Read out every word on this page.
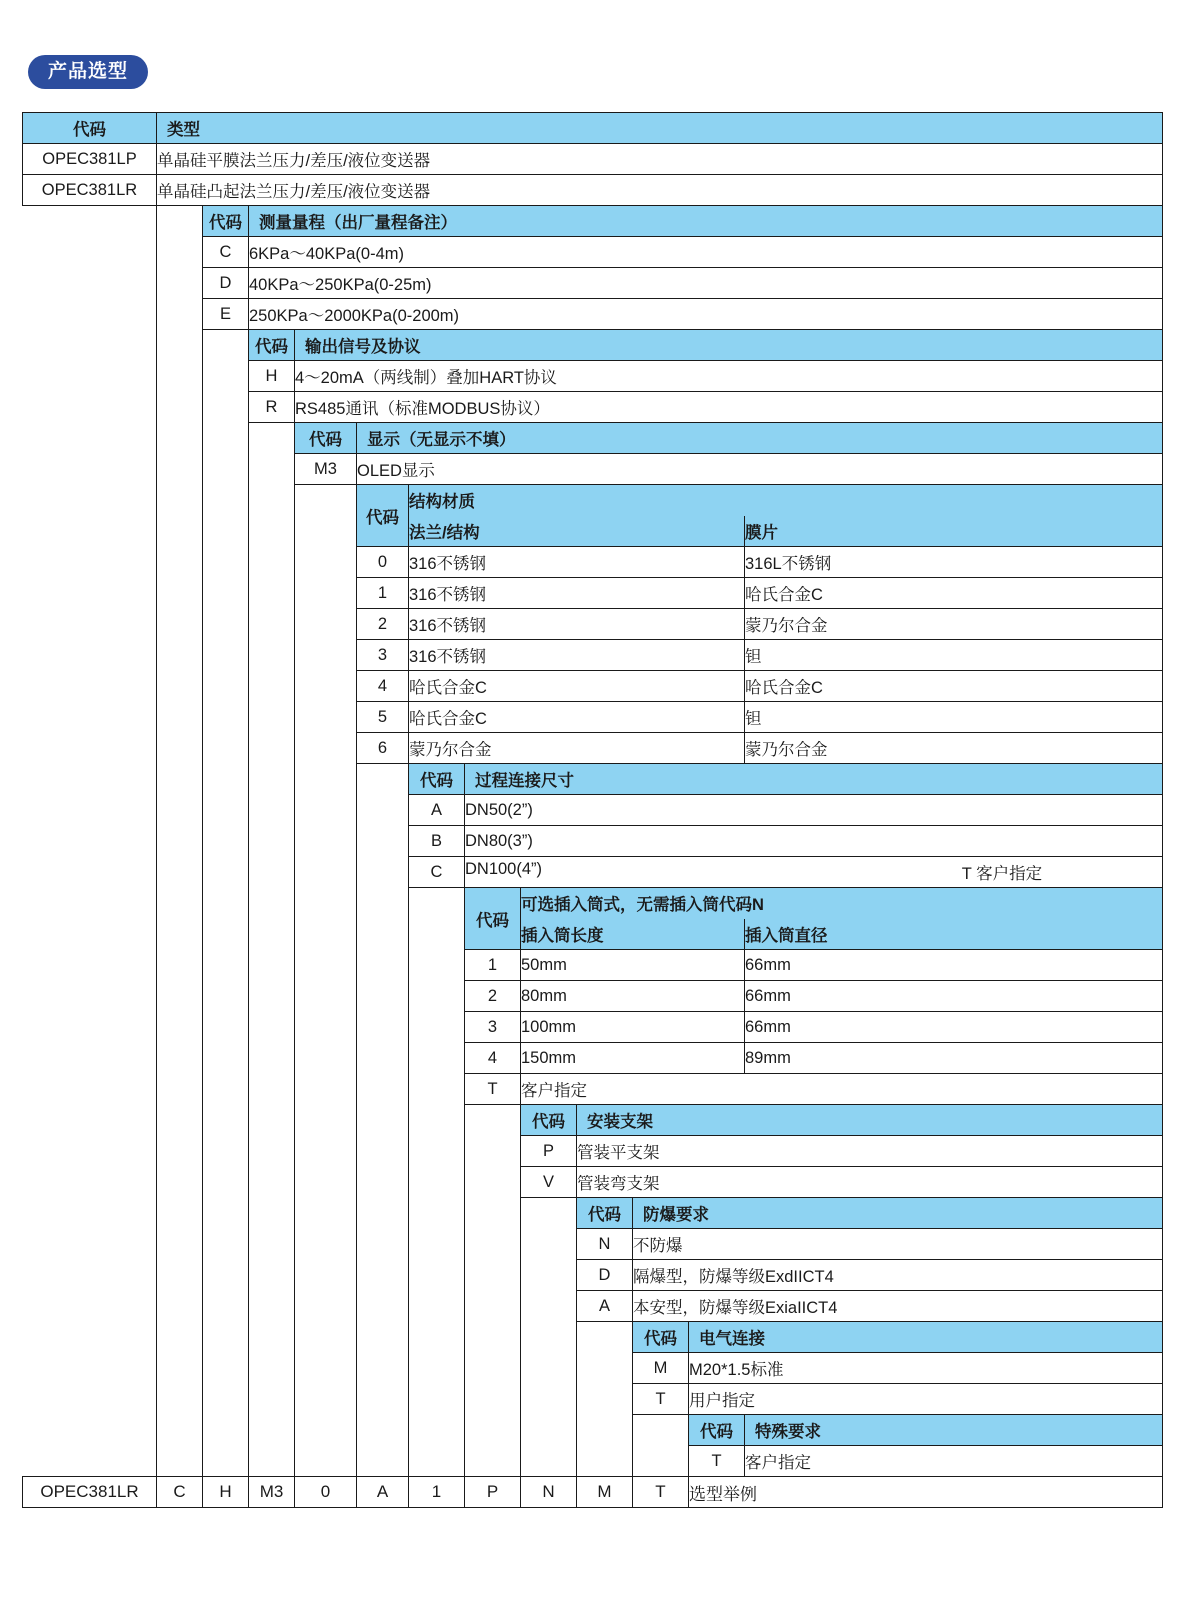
产品选型
代码	类型											
OPEC381LP	单晶硅平膜法兰压力/差压/液位变送器											
OPEC381LR	单晶硅凸起法兰压力/差压/液位变送器											
		代码	测量量程（出厂量程备注）									
		C	6KPa～40KPa(0-4m)									
		D	40KPa～250KPa(0-25m)									
		E	250KPa～2000KPa(0-200m)									
			代码	输出信号及协议								
			H	4～20mA（两线制）叠加HART协议								
			R	RS485通讯（标准MODBUS协议）								
				代码	显示（无显示不填）							
				M3	OLED显示							
					代码	结构材质						
						法兰/结构						膜片
					0	316不锈钢						316L不锈钢
					1	316不锈钢						哈氏合金C
					2	316不锈钢						蒙乃尔合金
					3	316不锈钢						钽
					4	哈氏合金C						哈氏合金C
					5	哈氏合金C						钽
					6	蒙乃尔合金						蒙乃尔合金
						代码	过程连接尺寸					
						A	DN50(2”)					
						B	DN80(3”)					
						C	DN100(4”) T 客户指定					

							代码	可选插入筒式，无需插入筒代码N				
								插入筒长度				插入筒直径
							1	50mm				66mm
							2	80mm				66mm
							3	100mm				66mm
							4	150mm				89mm
							T	客户指定				
								代码	安装支架			
								P	管装平支架			
								V	管装弯支架			
									代码	防爆要求		
									N	不防爆		
									D	隔爆型，防爆等级ExdIICT4		
									A	本安型，防爆等级ExiaIICT4		
										代码	电气连接	
										M	M20*1.5标准	
										T	用户指定	
											代码	特殊要求
											T	客户指定
OPEC381LR	C	H	M3	0	A	1	P	N	M	T	选型举例	
